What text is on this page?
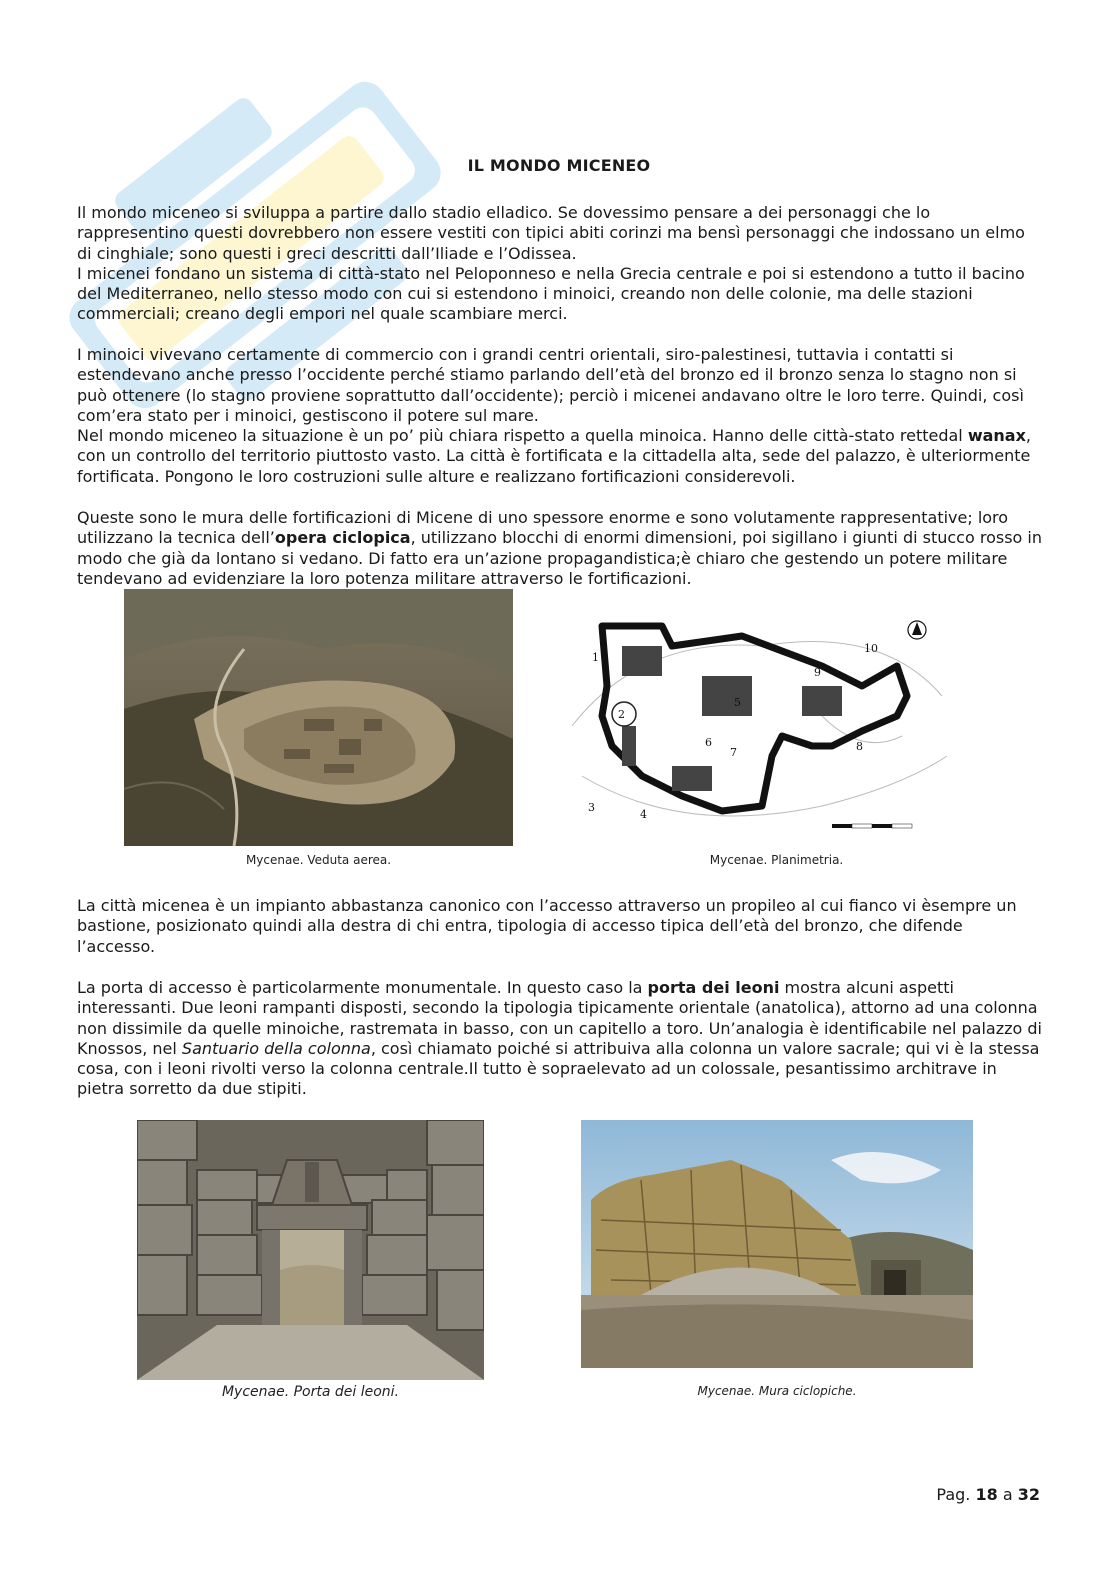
IL MONDO MICENEO

Il mondo miceneo si sviluppa a partire dallo stadio elladico. Se dovessimo pensare a dei personaggi che lo rappresentino questi dovrebbero non essere vestiti con tipici abiti corinzi ma bensì personaggi che indossano un elmo di cinghiale; sono questi i greci descritti dall’Iliade e l’Odissea.
I micenei fondano un sistema di città-stato nel Peloponneso e nella Grecia centrale e poi si estendono a tutto il bacino del Mediterraneo, nello stesso modo con cui si estendono i minoici, creando non delle colonie, ma delle stazioni commerciali; creano degli empori nel quale scambiare merci.

I minoici vivevano certamente di commercio con i grandi centri orientali, siro-palestinesi, tuttavia i contatti si estendevano anche presso l’occidente perché stiamo parlando dell’età del bronzo ed il bronzo senza lo stagno non si può ottenere (lo stagno proviene soprattutto dall’occidente); perciò i micenei andavano oltre le loro terre. Quindi, così com’era stato per i minoici, gestiscono il potere sul mare.
Nel mondo miceneo la situazione è un po’ più chiara rispetto a quella minoica. Hanno delle città-stato rettedal wanax, con un controllo del territorio piuttosto vasto. La città è fortificata e la cittadella alta, sede del palazzo, è ulteriormente fortificata. Pongono le loro costruzioni sulle alture e realizzano fortificazioni considerevoli.

Queste sono le mura delle fortificazioni di Micene di uno spessore enorme e sono volutamente rappresentative; loro utilizzano la tecnica dell’opera ciclopica, utilizzano blocchi di enormi dimensioni, poi sigillano i giunti di stucco rosso in modo che già da lontano si vedano. Di fatto era un’azione propagandistica;è chiaro che gestendo un potere militare tendevano ad evidenziare la loro potenza militare attraverso le fortificazioni.

1
2
3
4
5
6
7	8
9
10
Mycenae. Veduta aerea.	Mycenae. Planimetria.

La città micenea è un impianto abbastanza canonico con l’accesso attraverso un propileo al cui fianco vi èsempre un bastione, posizionato quindi alla destra di chi entra, tipologia di accesso tipica dell’età del bronzo, che difende l’accesso.

La porta di accesso è particolarmente monumentale. In questo caso la porta dei leoni mostra alcuni aspetti interessanti. Due leoni rampanti disposti, secondo la tipologia tipicamente orientale (anatolica), attorno ad una colonna non dissimile da quelle minoiche, rastremata in basso, con un capitello a toro. Un’analogia è identificabile nel palazzo di Knossos, nel Santuario della colonna, così chiamato poiché si attribuiva alla colonna un valore sacrale; qui vi è la stessa cosa, con i leoni rivolti verso la colonna centrale.Il tutto è sopraelevato ad un colossale, pesantissimo architrave in pietra sorretto da due stipiti.

Mycenae. Porta dei leoni.	Mycenae. Mura ciclopiche.
Pag. 18 a 32
